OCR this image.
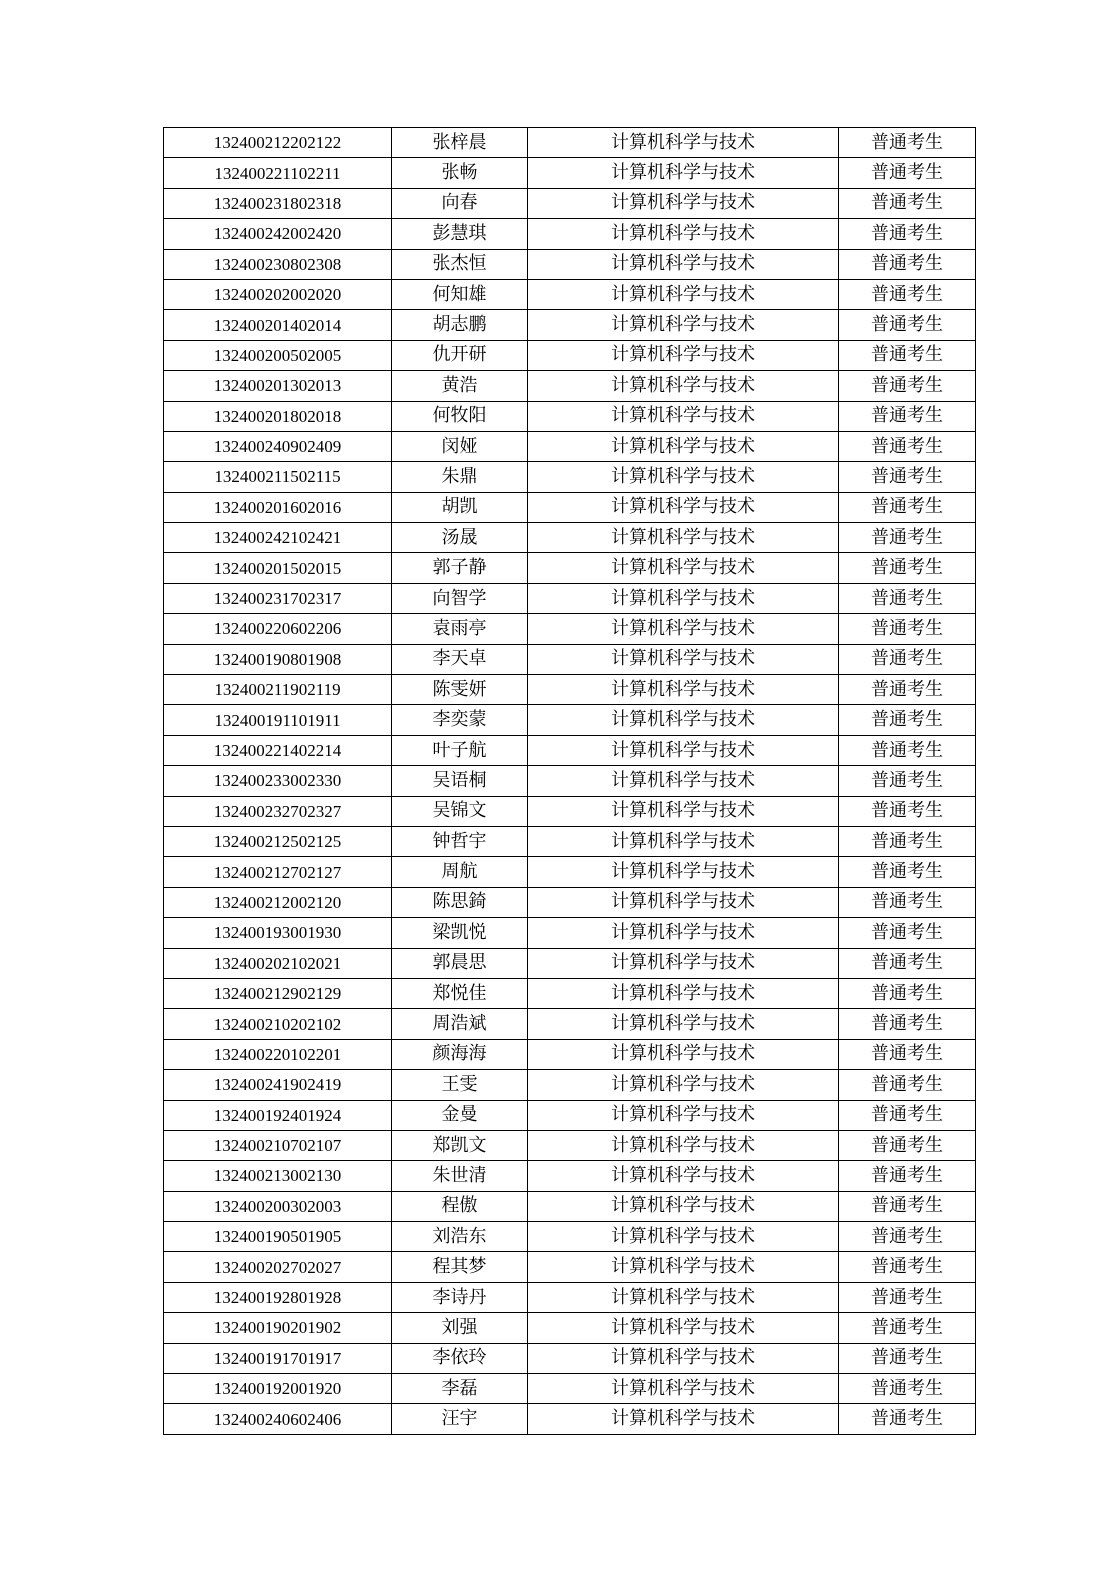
132400212202122	张梓晨	计算机科学与技术	普通考生
132400221102211	张畅	计算机科学与技术	普通考生
132400231802318	向春	计算机科学与技术	普通考生
132400242002420	彭慧琪	计算机科学与技术	普通考生
132400230802308	张杰恒	计算机科学与技术	普通考生
132400202002020	何知雄	计算机科学与技术	普通考生
132400201402014	胡志鹏	计算机科学与技术	普通考生
132400200502005	仇开研	计算机科学与技术	普通考生
132400201302013	黄浩	计算机科学与技术	普通考生
132400201802018	何牧阳	计算机科学与技术	普通考生
132400240902409	闵娅	计算机科学与技术	普通考生
132400211502115	朱鼎	计算机科学与技术	普通考生
132400201602016	胡凯	计算机科学与技术	普通考生
132400242102421	汤晟	计算机科学与技术	普通考生
132400201502015	郭子静	计算机科学与技术	普通考生
132400231702317	向智学	计算机科学与技术	普通考生
132400220602206	袁雨亭	计算机科学与技术	普通考生
132400190801908	李天卓	计算机科学与技术	普通考生
132400211902119	陈雯妍	计算机科学与技术	普通考生
132400191101911	李奕蒙	计算机科学与技术	普通考生
132400221402214	叶子航	计算机科学与技术	普通考生
132400233002330	吴语桐	计算机科学与技术	普通考生
132400232702327	吴锦文	计算机科学与技术	普通考生
132400212502125	钟哲宇	计算机科学与技术	普通考生
132400212702127	周航	计算机科学与技术	普通考生
132400212002120	陈思錡	计算机科学与技术	普通考生
132400193001930	梁凯悦	计算机科学与技术	普通考生
132400202102021	郭晨思	计算机科学与技术	普通考生
132400212902129	郑悦佳	计算机科学与技术	普通考生
132400210202102	周浩斌	计算机科学与技术	普通考生
132400220102201	颜海海	计算机科学与技术	普通考生
132400241902419	王雯	计算机科学与技术	普通考生
132400192401924	金曼	计算机科学与技术	普通考生
132400210702107	郑凯文	计算机科学与技术	普通考生
132400213002130	朱世清	计算机科学与技术	普通考生
132400200302003	程傲	计算机科学与技术	普通考生
132400190501905	刘浩东	计算机科学与技术	普通考生
132400202702027	程其梦	计算机科学与技术	普通考生
132400192801928	李诗丹	计算机科学与技术	普通考生
132400190201902	刘强	计算机科学与技术	普通考生
132400191701917	李依玲	计算机科学与技术	普通考生
132400192001920	李磊	计算机科学与技术	普通考生
132400240602406	汪宇	计算机科学与技术	普通考生
